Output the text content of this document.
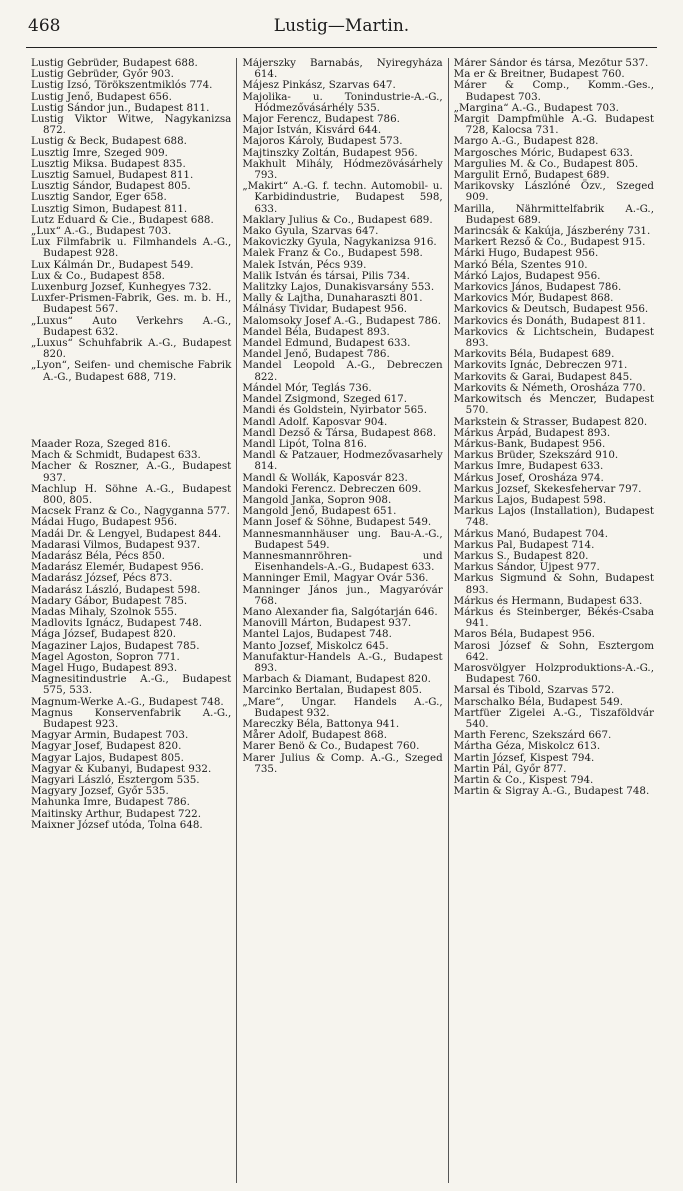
468	Lustig—Martin.

Lustig Gebrüder, Budapest 688.

Lustig Gebrüder, Győr 903.

Lustig Izsó, Törökszentmiklós 774.

Lustig Jenő, Budapest 656.

Lustig Sándor jun., Budapest 811.

Lustig Viktor Witwe, Nagykanizsa 872.

Lustig & Beck, Budapest 688.

Lusztig Imre, Szeged 909.

Lusztig Miksa. Budapest 835.

Lusztig Samuel, Budapest 811.

Lusztig Sándor, Budapest 805.

Lusztig Sandor, Eger 658.

Lusztig Simon, Budapest 811.

Lutz Eduard & Cie., Budapest 688.

„Lux“ A.-G., Budapest 703.

Lux Filmfabrik u. Filmhandels A.-G., Budapest 928.

Lux Kálmán Dr., Budapest 549.

Lux & Co., Budapest 858.

Luxenburg Jozsef, Kunhegyes 732.

Luxfer-Prismen-Fabrik, Ges. m. b. H., Budapest 567.

„Luxus“ Auto Verkehrs A.-G., Budapest 632.

„Luxus“ Schuhfabrik A.-G., Budapest 820.

„Lyon“, Seifen- und chemische Fabrik A.-G., Budapest 688, 719.

Maader Roza, Szeged 816.

Mach & Schmidt, Budapest 633.

Macher & Roszner, A.-G., Budapest 937.

Machlup H. Söhne A.-G., Budapest 800, 805.

Macsek Franz & Co., Nagyganna 577.

Mádai Hugo, Budapest 956.

Madái Dr. & Lengyel, Budapest 844.

Madarasi Vilmos, Budapest 937.

Madarász Béla, Pécs 850.

Madarász Elemér, Budapest 956.

Madarász József, Pécs 873.

Madarász László, Budapest 598.

Madary Gábor, Budapest 785.

Madas Mihaly, Szolnok 555.

Madlovits Ignácz, Budapest 748.

Mága József, Budapest 820.

Magaziner Lajos, Budapest 785.

Magel Agoston, Sopron 771.

Magel Hugo, Budapest 893.

Magnesitindustrie A.-G., Budapest 575, 533.

Magnum-Werke A.-G., Budapest 748.

Magnus Konservenfabrik A.-G., Budapest 923.

Magyar Armin, Budapest 703.

Magyar Josef, Budapest 820.

Magyar Lajos, Budapest 805.

Magyar & Kubanyi, Budapest 932.

Magyari László, Esztergom 535.

Magyary Jozsef, Győr 535.

Mahunka Imre, Budapest 786.

Maitinsky Arthur, Budapest 722.

Maixner József utóda, Tolna 648.

Májerszky Barnabás, Nyiregyháza 614.

Májesz Pinkász, Szarvas 647.

Majolika- u. Tonindustrie-A.-G., Hódmezővásárhély 535.

Major Ferencz, Budapest 786.

Major István, Kisvárd 644.

Majoros Károly, Budapest 573.

Majtinszky Zoltán, Budapest 956.

Makhult Mihály, Hódmezövásárhely 793.

„Makirt“ A.-G. f. techn. Automobil- u. Karbidindustrie, Budapest 598, 633.

Maklary Julius & Co., Budapest 689.

Mako Gyula, Szarvas 647.

Makoviczky Gyula, Nagykanizsa 916.

Malek Franz & Co., Budapest 598.

Malek István, Pécs 939.

Malik István és társai, Pilis 734.

Malitzky Lajos, Dunakisvarsány 553.

Mally & Lajtha, Dunaharaszti 801.

Málnásy Tividar, Budapest 956.

Malomsoky Josef A.-G., Budapest 786.

Mandel Béla, Budapest 893.

Mandel Edmund, Budapest 633.

Mandel Jenő, Budapest 786.

Mandel Leopold A.-G., Debreczen 822.

Mándel Mór, Teglás 736.

Mandel Zsigmond, Szeged 617.

Mandi és Goldstein, Nyirbator 565.

Mandl Adolf. Kaposvar 904.

Mandl Dezső & Társa, Budapest 868.

Mandl Lipót, Tolna 816.

Mandl & Patzauer, Hodmezővasarhely 814.

Mandl & Wollák, Kaposvár 823.

Mandoki Ferencz. Debreczen 609.

Mangold Janka, Sopron 908.

Mangold Jenő, Budapest 651.

Mann Josef & Söhne, Budapest 549.

Mannesmannhäuser ung. Bau-A.-G., Budapest 549.

Mannesmannröhren- und Eisenhandels-A.-G., Budapest 633.

Manninger Emil, Magyar Ovár 536.

Manninger János jun., Magyaróvár 768.

Mano Alexander fia, Salgótarján 646.

Manovill Márton, Budapest 937.

Mantel Lajos, Budapest 748.

Manto Jozsef, Miskolcz 645.

Manufaktur-Handels A.-G., Budapest 893.

Marbach & Diamant, Budapest 820.

Marcinko Bertalan, Budapest 805.

„Mare“, Ungar. Handels A.-G., Budapest 932.

Mareczky Béla, Battonya 941.

Mårer Adolf, Budapest 868.

Marer Benö & Co., Budapest 760.

Marer Julius & Comp. A.-G., Szeged 735.

Márer Sándor és társa, Mezőtur 537.

Ma er & Breitner, Budapest 760.

Márer & Comp., Komm.-Ges., Budapest 703.

„Margina“ A.-G., Budapest 703.

Margit Dampfmühle A.-G. Budapest 728, Kalocsa 731.

Margo A.-G., Budapest 828.

Margosches Móric, Budapest 633.

Margulies M. & Co., Budapest 805.

Margulit Ernő, Budapest 689.

Marikovsky Lászlóné Özv., Szeged 909.

Marilla, Nährmittelfabrik A.-G., Budapest 689.

Marincsák & Kakúja, Jászberény 731.

Markert Rezső & Co., Budapest 915.

Márki Hugo, Budapest 956.

Markó Béla, Szentes 910.

Márkó Lajos, Budapest 956.

Markovics János, Budapest 786.

Markovics Mór, Budapest 868.

Markovics & Deutsch, Budapest 956.

Markovics és Donáth, Budapest 811.

Markovics & Lichtschein, Budapest 893.

Markovits Béla, Budapest 689.

Markovits Ignác, Debreczen 971.

Markovits & Garai, Budapest 845.

Markovits & Németh, Orosháza 770.

Markowitsch és Menczer, Budapest 570.

Markstein & Strasser, Budapest 820.

Márkus Árpád, Budapest 893.

Márkus-Bank, Budapest 956.

Markus Brüder, Szekszárd 910.

Markus Imre, Budapest 633.

Márkus Josef, Orosháza 974.

Markus Jozsef, Skekesfehervar 797.

Markus Lajos, Budapest 598.

Markus Lajos (Installation), Budapest 748.

Márkus Manó, Budapest 704.

Markus Pal, Budapest 714.

Markus S., Budapest 820.

Markus Sándor, Ujpest 977.

Markus Sigmund & Sohn, Budapest 893.

Márkus és Hermann, Budapest 633.

Márkus és Steinberger, Békés-Csaba 941.

Maros Béla, Budapest 956.

Marosi József & Sohn, Esztergom 642.

Marosvölgyer Holzproduktions-A.-G., Budapest 760.

Marsal és Tibold, Szarvas 572.

Marschalko Béla, Budapest 549.

Martfüer Zigelei A.-G., Tiszaföldvár 540.

Marth Ferenc, Szekszárd 667.

Mártha Géza, Miskolcz 613.

Martin József, Kispest 794.

Martin Pál, Győr 877.

Martin & Co., Kispest 794.

Martin & Sigray A.-G., Budapest 748.
